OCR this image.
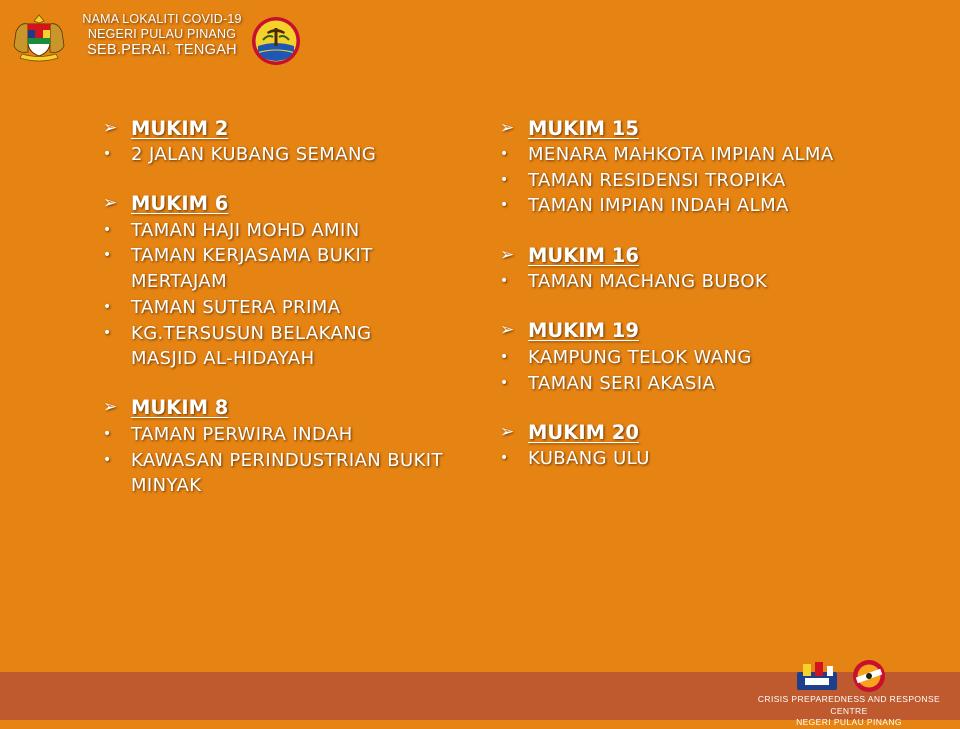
NAMA LOKALITI COVID-19
NEGERI PULAU PINANG
SEB.PERAI. TENGAH
➢ MUKIM 2
• 2 JALAN KUBANG SEMANG
➢ MUKIM 6
• TAMAN HAJI MOHD AMIN
• TAMAN KERJASAMA BUKIT MERTAJAM
• TAMAN SUTERA PRIMA
• KG.TERSUSUN BELAKANG MASJID AL-HIDAYAH
➢ MUKIM 8
• TAMAN PERWIRA INDAH
• KAWASAN PERINDUSTRIAN BUKIT MINYAK
➢ MUKIM 15
• MENARA MAHKOTA IMPIAN ALMA
• TAMAN RESIDENSI TROPIKA
• TAMAN IMPIAN INDAH ALMA
➢ MUKIM 16
• TAMAN MACHANG BUBOK
➢ MUKIM 19
• KAMPUNG TELOK WANG
• TAMAN SERI AKASIA
➢ MUKIM 20
• KUBANG ULU
CRISIS PREPAREDNESS AND RESPONSE CENTRE
NEGERI PULAU PINANG
